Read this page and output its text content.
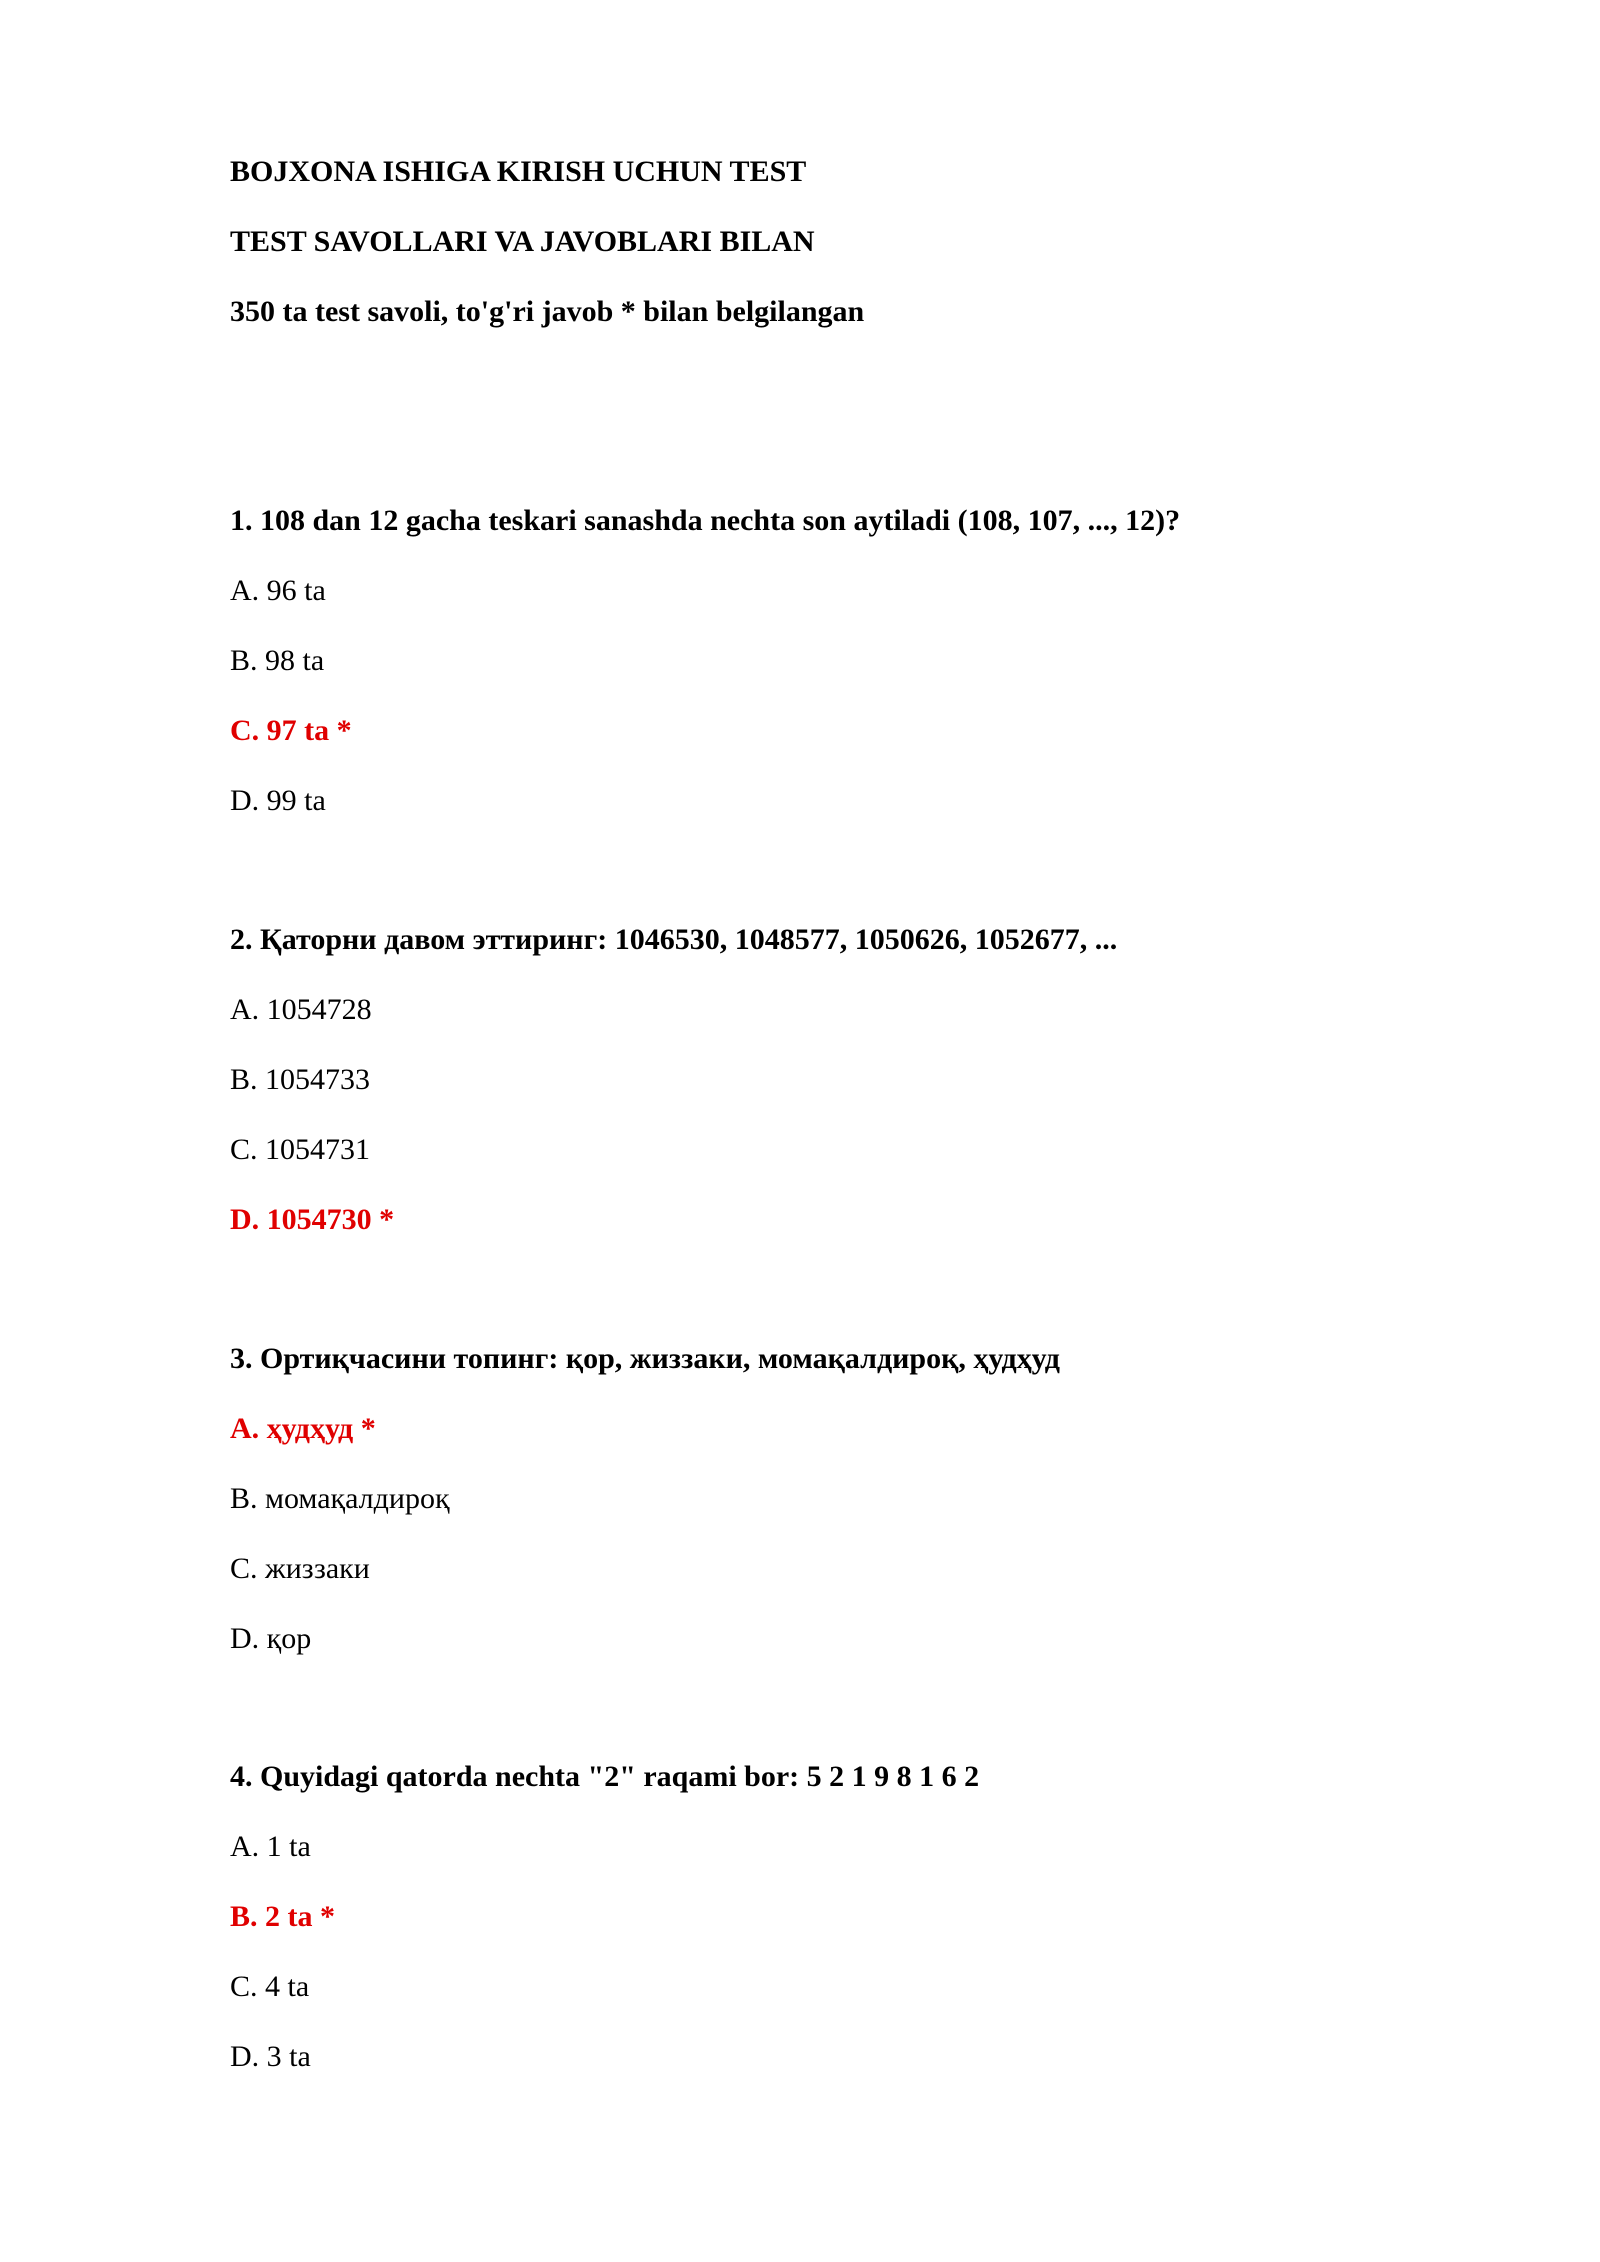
BOJXONA ISHIGA KIRISH UCHUN TEST
TEST SAVOLLARI VA JAVOBLARI BILAN
350 ta test savoli, to'g'ri javob * bilan belgilangan
1. 108 dan 12 gacha teskari sanashda nechta son aytiladi (108, 107, ..., 12)?
A. 96 ta
B. 98 ta
C. 97 ta *
D. 99 ta
2. Қаторни давом эттиринг: 1046530, 1048577, 1050626, 1052677, ...
A. 1054728
B. 1054733
C. 1054731
D. 1054730 *
3. Ортиқчасини топинг: қор, жиззаки, момақалдироқ, ҳудҳуд
A. ҳудҳуд *
B. момақалдироқ
C. жиззаки
D. қор
4. Quyidagi qatorda nechta "2" raqami bor: 5 2 1 9 8 1 6 2
A. 1 ta
B. 2 ta *
C. 4 ta
D. 3 ta
